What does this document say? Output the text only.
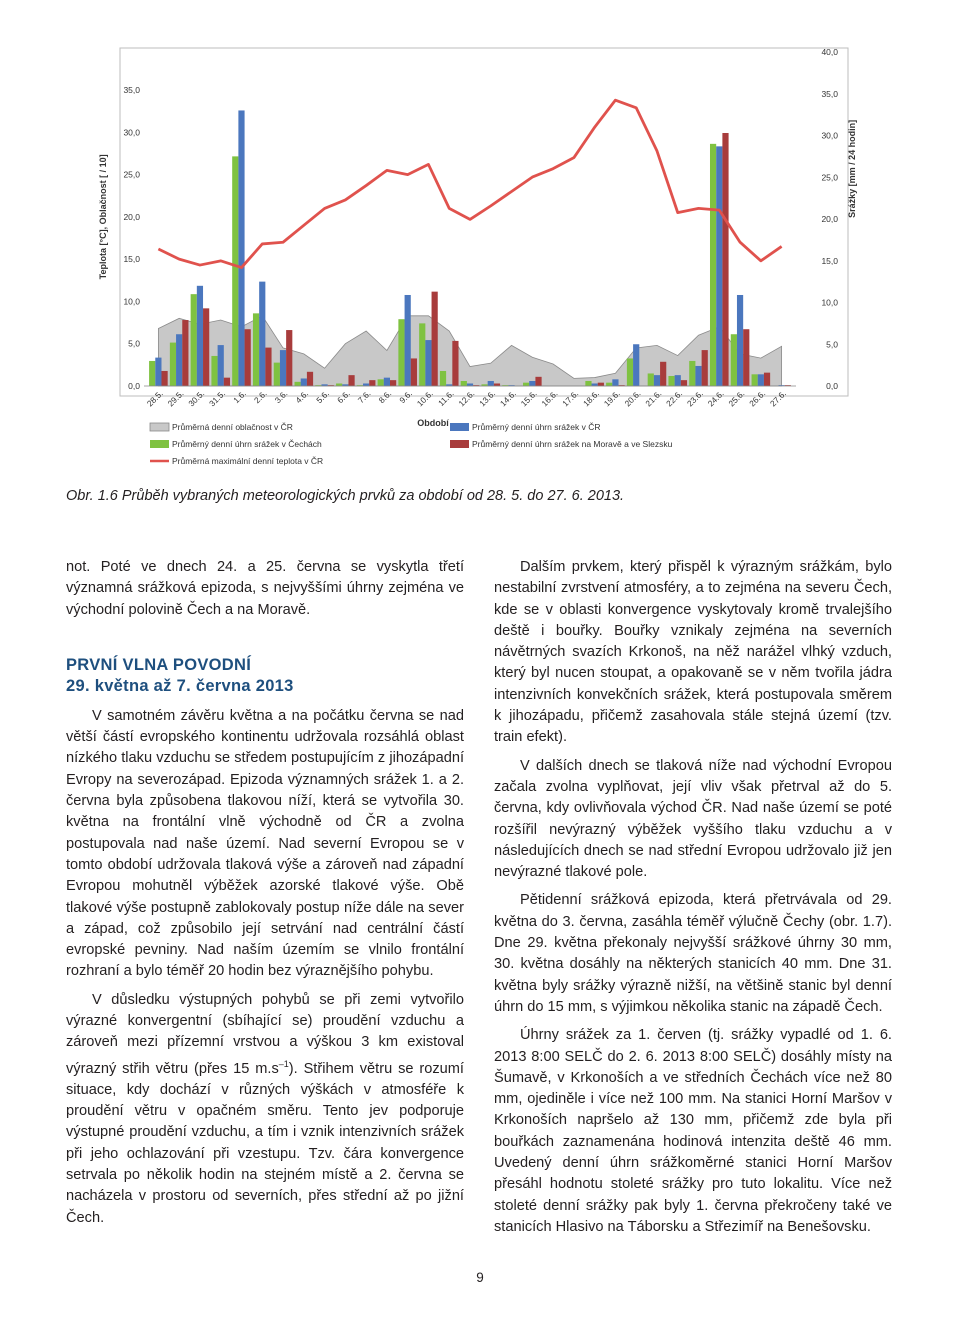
0,0
5,0
10,0
15,0
20,0
25,0
30,0
35,0
0,0
5,0
10,0
15,0
20,0
25,0
30,0
35,0
40,0
Teplota [°C], Oblačnost [ / 10]	Srážky [mm / 24 hodin]
28.5. 29.5. 30.5. 31.5. 1.6. 2.6. 3.6. 4.6. 5.6. 6.6. 7.6. 8.6. 9.6. 10.6. 11.6. 12.6. 13.6. 14.6. 15.6. 16.6. 17.6. 18.6. 19.6. 20.6. 21.6. 22.6. 23.6. 24.6. 25.6. 26.6. 27.6.
Období
Průměrná denní oblačnost v ČR	Průměrný denní úhrn srážek v ČR
Průměrný denní úhrn srážek v Čechách	Průměrný denní úhrn srážek na Moravě a ve Slezsku
Průměrná maximální denní teplota v ČR
Obr. 1.6 Průběh vybraných meteorologických prvků za období od 28. 5. do 27. 6. 2013.

not. Poté ve dnech 24. a 25. června se vyskytla třetí významná srážková epizoda, s nejvyššími úhrny zejména ve východní polovině Čech a na Moravě.

PRVNÍ VLNA POVODNÍ
29. května až 7. června 2013

V samotném závěru května a na počátku června se nad větší částí evropského kontinentu udržovala rozsáhlá oblast nízkého tlaku vzduchu se středem postupujícím z jihozápadní Evropy na severozápad. Epizoda významných srážek 1. a 2. června byla způsobena tlakovou níží, která se vytvořila 30. května na frontální vlně východně od ČR a zvolna postupovala nad naše území. Nad severní Evropou se v tomto období udržovala tlaková výše a zároveň nad západní Evropou mohutněl výběžek azorské tlakové výše. Obě tlakové výše postupně zablokovaly postup níže dále na sever a západ, což způsobilo její setrvání nad centrální částí evropské pevniny. Nad naším územím se vlnilo frontální rozhraní a bylo téměř 20 hodin bez výraznějšího pohybu.

V důsledku výstupných pohybů se při zemi vytvořilo výrazné konvergentní (sbíhající se) proudění vzduchu a zároveň mezi přízemní vrstvou a výškou 3 km existoval výrazný střih větru (přes 15 $m.s^{-1}$). Střihem větru se rozumí situace, kdy dochází v různých výškách v atmosféře k proudění větru v opačném směru. Tento jev podporuje výstupné proudění vzduchu, a tím i vznik intenzivních srážek při jeho ochlazování při vzestupu. Tzv. čára konvergence setrvala po několik hodin na stejném místě a 2. června se nacházela v prostoru od severních, přes střední až po jižní Čech.

Dalším prvkem, který přispěl k výrazným srážkám, bylo nestabilní zvrstvení atmosféry, a to zejména na severu Čech, kde se v oblasti konvergence vyskytovaly kromě trvalejšího deště i bouřky. Bouřky vznikaly zejména na severních návětrných svazích Krkonoš, na něž narážel vlhký vzduch, který byl nucen stoupat, a opakovaně se v něm tvořila jádra intenzivních konvekčních srážek, která postupovala směrem k jihozápadu, přičemž zasahovala stále stejná území (tzv. train efekt).

V dalších dnech se tlaková níže nad východní Evropou začala zvolna vyplňovat, její vliv však přetrval až do 5. června, kdy ovlivňovala východ ČR. Nad naše území se poté rozšířil nevýrazný výběžek vyššího tlaku vzduchu a v následujících dnech se nad střední Evropou udržovalo již jen nevýrazné tlakové pole.

Pětidenní srážková epizoda, která přetrvávala od 29. května do 3. června, zasáhla téměř výlučně Čechy (obr. 1.7). Dne 29. května překonaly nejvyšší srážkové úhrny 30 mm, 30. května dosáhly na některých stanicích 40 mm. Dne 31. května byly srážky výrazně nižší, na většině stanic byl denní úhrn do 15 mm, s výjimkou několika stanic na západě Čech.

Úhrny srážek za 1. červen (tj. srážky vypadlé od 1. 6. 2013 8:00 SELČ do 2. 6. 2013 8:00 SELČ) dosáhly místy na Šumavě, v Krkonoších a ve středních Čechách více než 80 mm, ojediněle i více než 100 mm. Na stanici Horní Maršov v Krkonoších napršelo až 130 mm, přičemž zde byla při bouřkách zaznamenána hodinová intenzita deště 46 mm. Uvedený denní úhrn srážkoměrné stanici Horní Maršov přesáhl hodnotu stoleté srážky pro tuto lokalitu. Více než stoleté denní srážky pak byly 1. června překročeny také ve stanicích Hlasivo na Táborsku a Střezimíř na Benešovsku.

9
